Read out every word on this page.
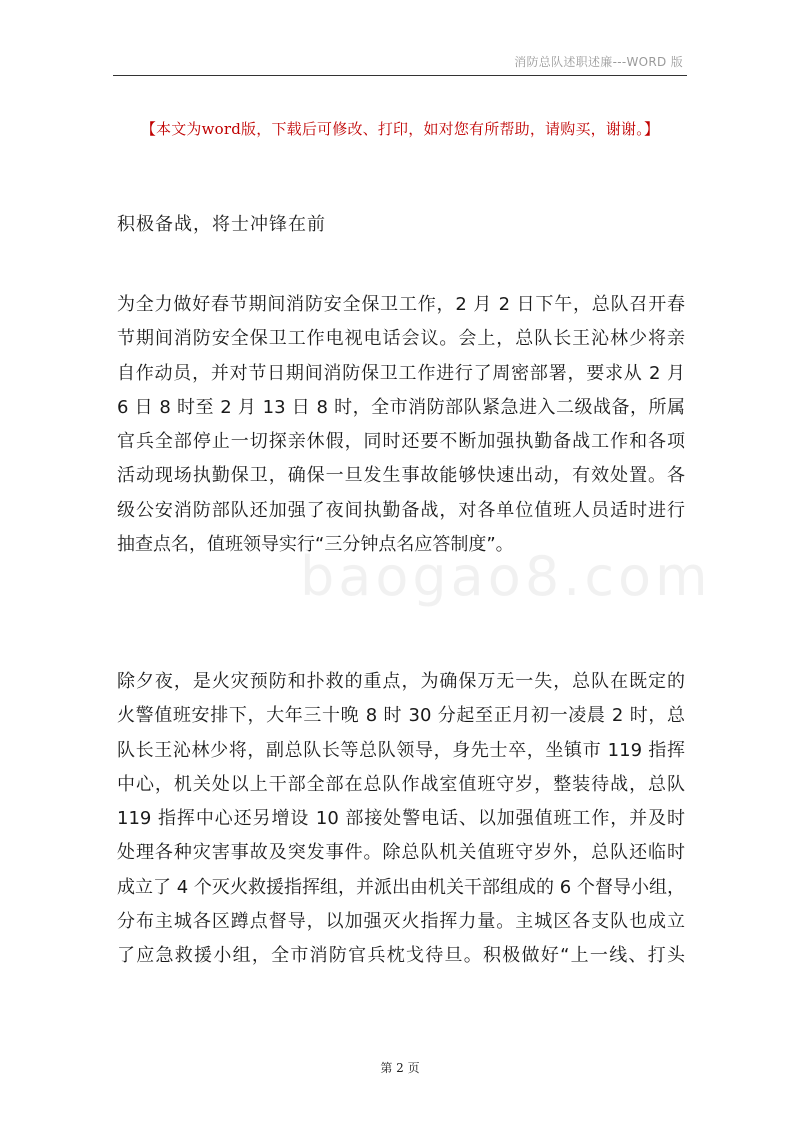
消防总队述职述廉---WORD 版
【本文为word版，下载后可修改、打印，如对您有所帮助，请购买，谢谢。】
baogao8.com
积极备战，将士冲锋在前
为全力做好春节期间消防安全保卫工作，2 月 2 日下午，总队召开春
节期间消防安全保卫工作电视电话会议。会上，总队长王沁林少将亲
自作动员，并对节日期间消防保卫工作进行了周密部署，要求从 2 月
6 日 8 时至 2 月 13 日 8 时，全市消防部队紧急进入二级战备，所属
官兵全部停止一切探亲休假，同时还要不断加强执勤备战工作和各项
活动现场执勤保卫，确保一旦发生事故能够快速出动，有效处置。各
级公安消防部队还加强了夜间执勤备战，对各单位值班人员适时进行
抽查点名，值班领导实行“三分钟点名应答制度”。
除夕夜，是火灾预防和扑救的重点，为确保万无一失，总队在既定的
火警值班安排下，大年三十晚 8 时 30 分起至正月初一凌晨 2 时，总
队长王沁林少将，副总队长等总队领导，身先士卒，坐镇市 119 指挥
中心，机关处以上干部全部在总队作战室值班守岁，整装待战，总队
119 指挥中心还另增设 10 部接处警电话、以加强值班工作，并及时
处理各种灾害事故及突发事件。除总队机关值班守岁外，总队还临时
成立了 4 个灭火救援指挥组，并派出由机关干部组成的 6 个督导小组，
分布主城各区蹲点督导，以加强灭火指挥力量。主城区各支队也成立
了应急救援小组，全市消防官兵枕戈待旦。积极做好“上一线、打头
第 2 页
